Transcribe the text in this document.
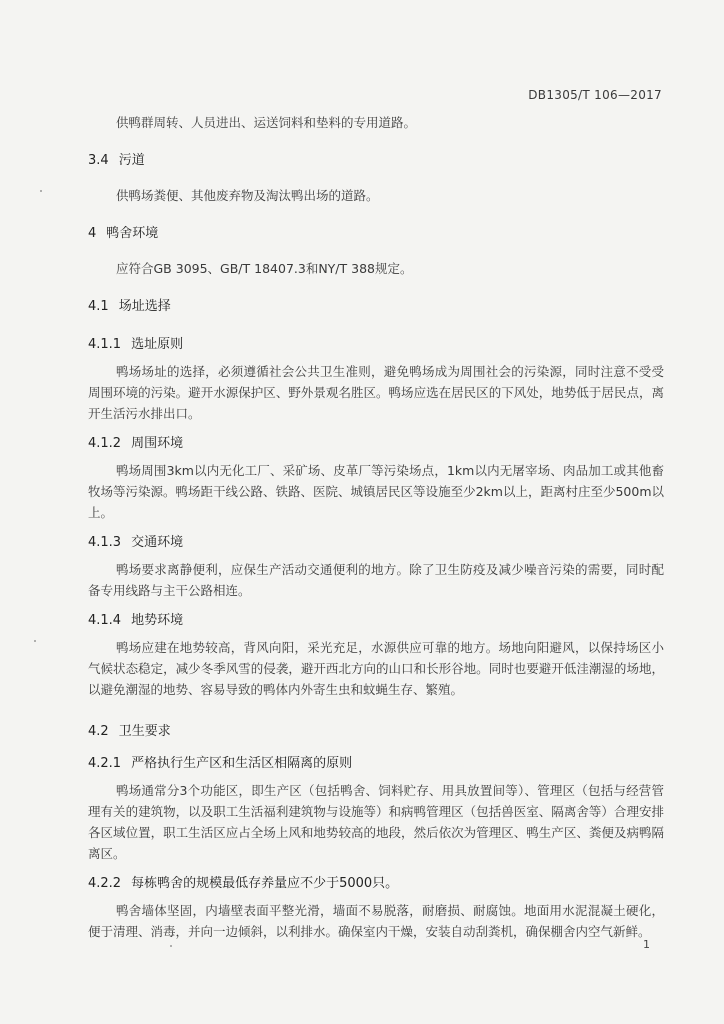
DB1305/T 106—2017

供鸭群周转、人员进出、运送饲料和垫料的专用道路。

3.4 污道

供鸭场粪便、其他废弃物及淘汰鸭出场的道路。

4 鸭舍环境

应符合GB 3095、GB/T 18407.3和NY/T 388规定。

4.1 场址选择

4.1.1 选址原则

鸭场场址的选择，必须遵循社会公共卫生准则，避免鸭场成为周围社会的污染源，同时注意不受受周围环境的污染。避开水源保护区、野外景观名胜区。鸭场应选在居民区的下风处，地势低于居民点，离开生活污水排出口。

4.1.2 周围环境

鸭场周围3km以内无化工厂、采矿场、皮革厂等污染场点，1km以内无屠宰场、肉品加工或其他畜牧场等污染源。鸭场距干线公路、铁路、医院、城镇居民区等设施至少2km以上，距离村庄至少500m以上。

4.1.3 交通环境

鸭场要求离静便利，应保生产活动交通便利的地方。除了卫生防疫及减少噪音污染的需要，同时配备专用线路与主干公路相连。

4.1.4 地势环境

鸭场应建在地势较高，背风向阳，采光充足，水源供应可靠的地方。场地向阳避风，以保持场区小气候状态稳定，减少冬季风雪的侵袭，避开西北方向的山口和长形谷地。同时也要避开低洼潮湿的场地，以避免潮湿的地势、容易导致的鸭体内外寄生虫和蚊蝇生存、繁殖。

4.2 卫生要求

4.2.1 严格执行生产区和生活区相隔离的原则

鸭场通常分3个功能区，即生产区（包括鸭舍、饲料贮存、用具放置间等）、管理区（包括与经营管理有关的建筑物，以及职工生活福利建筑物与设施等）和病鸭管理区（包括兽医室、隔离舍等）合理安排各区域位置，职工生活区应占全场上风和地势较高的地段，然后依次为管理区、鸭生产区、粪便及病鸭隔离区。

4.2.2 每栋鸭舍的规模最低存养量应不少于5000只。

鸭舍墙体坚固，内墙壁表面平整光滑，墙面不易脱落，耐磨损、耐腐蚀。地面用水泥混凝土硬化，便于清理、消毒，并向一边倾斜，以利排水。确保室内干燥，安装自动刮粪机，确保棚舍内空气新鲜。

1
